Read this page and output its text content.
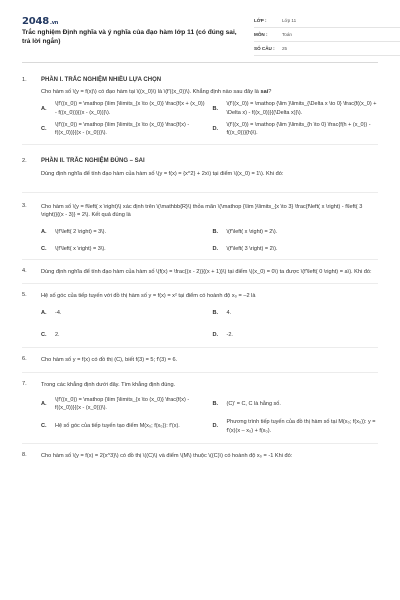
2048.vn
Trắc nghiệm Định nghĩa và ý nghĩa của đạo hàm lớp 11 (có đúng sai, trả lời ngắn)
LỚP :	Lớp 11
MÔN :	Toán
SỐ CÂU :	25
1.	PHẦN I. TRẮC NGHIỆM NHIỀU LỰA CHỌN
Cho hàm số \(y = f(x)\) có đạo hàm tại \((x_0)\) là \(f'((x_0))\). Khẳng định nào sau đây là sai?
A.
\(f'((x_0)) = \mathop {\lim }\limits_{x \to (x_0)} \frac{f(x + (x_0)) - f((x_0))}{(x - (x_0))}\).
B.
\(f'((x_0)) = \mathop {\lim }\limits_{\Delta x \to 0} \frac{f((x_0) + \Delta x) - f((x_0))}{(\Delta x)}\).
C.
\(f'((x_0)) = \mathop {\lim }\limits_{x \to (x_0)} \frac{f(x) - f((x_0))}{(x - (x_0))}\).
D.
\(f'((x_0)) = \mathop {\lim }\limits_{h \to 0} \frac{f(h + (x_0)) - f((x_0))}{h}\).
2.	PHẦN II. TRẮC NGHIỆM ĐÚNG – SAI
Dùng định nghĩa để tính đạo hàm của hàm số \(y = f(x) = {x^2} + 2x\) tại điểm \((x_0) = 1\). Khi đó:
3.	Cho hàm số \(y = f\left( x \right)\) xác định trên \(\mathbb{R}\) thỏa mãn \(\mathop {\lim }\limits_{x \to 3} \frac{f\left( x \right) - f\left( 3 \right)}{(x - 3)} = 2\). Kết quả đúng là
A.	\(f'\left( 2 \right) = 3\).	B.	\(f'\left( x \right) = 2\).
C.	\(f'\left( x \right) = 3\).	D.	\(f'\left( 3 \right) = 2\).
4.	Dùng định nghĩa để tính đạo hàm của hàm số \(f(x) = \frac{(x - 2)}{(x + 1)}\) tại điểm \((x_0) = 0\) ta được \(f'\left( 0 \right) = a\). Khi đó:
5.	Hệ số góc của tiếp tuyến với đồ thị hàm số y = f(x) = x² tại điểm có hoành độ x₀ = –2 là
A.	-4.	B.	4.
C.	2.	D.	-2.
6.	Cho hàm số y = f(x) có đồ thị (C), biết f(3) = 5; f'(3) = 6.
7.	Trong các khẳng định dưới đây. Tìm khẳng định đúng.
A.
\(f'((x_0)) = \mathop {\lim }\limits_{x \to (x_0)} \frac{f(x) - f((x_0))}{(x - (x_0))}\).
B.	(C)' = C, C là hằng số.
C.	Hệ số góc của tiếp tuyến tạo điểm M(x₀; f(x₀)): f'(x).	D.
Phương trình tiếp tuyến của đồ thị hàm số tại M(x₀; f(x₀)): y = f'(x)(x – x₀) + f(x₀).
8.	Cho hàm số \(y = f(x) = 2{x^3}\) có đồ thị \((C)\) và điểm \(M\) thuộc \((C)\) có hoành độ x₀ = -1 Khi đó:
